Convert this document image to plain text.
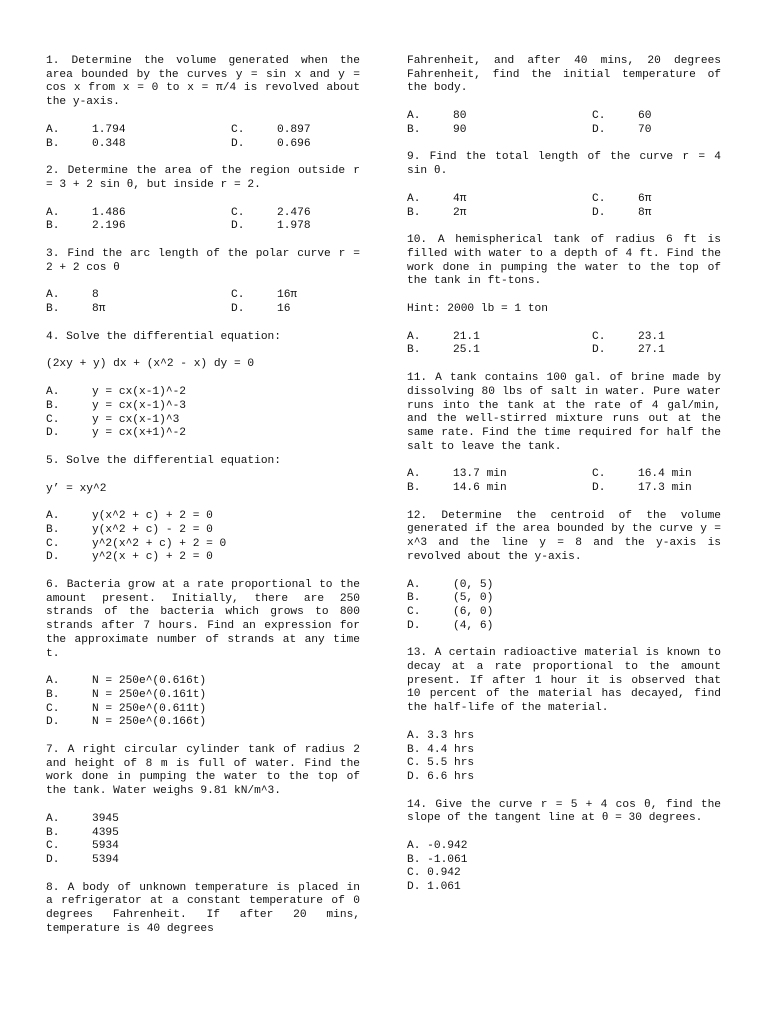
1. Determine the volume generated when the area bounded by the curves y = sin x and y = cos x from x = 0 to x = π/4 is revolved about the y-axis.

A.	1.794	C.	0.897
B.	0.348	D.	0.696

2. Determine the area of the region outside r = 3 + 2 sin θ, but inside r = 2.

A.	1.486	C.	2.476
B.	2.196	D.	1.978

3. Find the arc length of the polar curve r = 2 + 2 cos θ

A.	8	C.	16π
B.	8π	D.	16

4. Solve the differential equation:

(2xy + y) dx + (x^2 - x) dy = 0
A.	y = cx(x-1)^-2
B.	y = cx(x-1)^-3
C.	y = cx(x-1)^3
D.	y = cx(x+1)^-2

5. Solve the differential equation:

y’ = xy^2
A.	y(x^2 + c) + 2 = 0
B.	y(x^2 + c) - 2 = 0
C.	y^2(x^2 + c) + 2 = 0
D.	y^2(x + c) + 2 = 0

6. Bacteria grow at a rate proportional to the amount present. Initially, there are 250 strands of the bacteria which grows to 800 strands after 7 hours. Find an expression for the approximate number of strands at any time t.

A.	N = 250e^(0.616t)
B.	N = 250e^(0.161t)
C.	N = 250e^(0.611t)
D.	N = 250e^(0.166t)

7. A right circular cylinder tank of radius 2 and height of 8 m is full of water. Find the work done in pumping the water to the top of the tank. Water weighs 9.81 kN/m^3.

A.	3945
B.	4395
C.	5934
D.	5394

8. A body of unknown temperature is placed in a refrigerator at a constant temperature of 0 degrees Fahrenheit. If after 20 mins, temperature is 40 degrees

Fahrenheit, and after 40 mins, 20 degrees Fahrenheit, find the initial temperature of the body.

A.	80	C.	60
B.	90	D.	70

9. Find the total length of the curve r = 4 sin θ.

A.	4π	C.	6π
B.	2π	D.	8π

10. A hemispherical tank of radius 6 ft is filled with water to a depth of 4 ft. Find the work done in pumping the water to the top of the tank in ft-tons.

Hint: 2000 lb = 1 ton
A.	21.1	C.	23.1
B.	25.1	D.	27.1

11. A tank contains 100 gal. of brine made by dissolving 80 lbs of salt in water. Pure water runs into the tank at the rate of 4 gal/min, and the well-stirred mixture runs out at the same rate. Find the time required for half the salt to leave the tank.

A.	13.7 min	C.	16.4 min
B.	14.6 min	D.	17.3 min

12. Determine the centroid of the volume generated if the area bounded by the curve y = x^3 and the line y = 8 and the y-axis is revolved about the y-axis.

A.	(0, 5)
B.	(5, 0)
C.	(6, 0)
D.	(4, 6)

13. A certain radioactive material is known to decay at a rate proportional to the amount present. If after 1 hour it is observed that 10 percent of the material has decayed, find the half-life of the material.

A. 3.3 hrs
B. 4.4 hrs
C. 5.5 hrs
D. 6.6 hrs

14. Give the curve r = 5 + 4 cos θ, find the slope of the tangent line at θ = 30 degrees.

A. -0.942
B. -1.061
C. 0.942
D. 1.061
